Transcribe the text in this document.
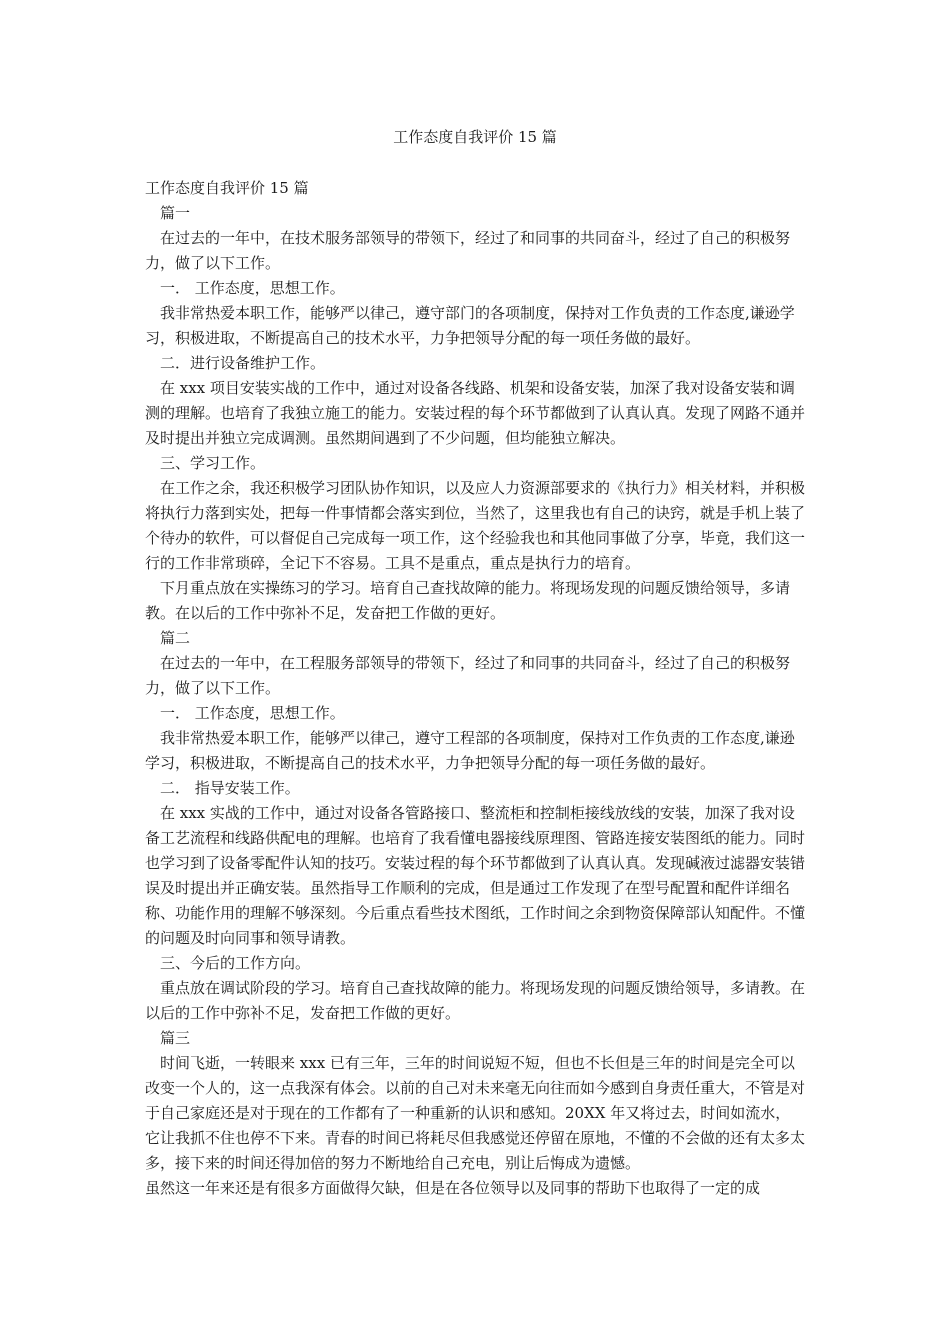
工作态度自我评价 15 篇

工作态度自我评价 15 篇

篇一

在过去的一年中，在技术服务部领导的带领下，经过了和同事的共同奋斗，经过了自己的积极努力，做了以下工作。

一． 工作态度，思想工作。

我非常热爱本职工作，能够严以律己，遵守部门的各项制度，保持对工作负责的工作态度,谦逊学习，积极进取，不断提高自己的技术水平，力争把领导分配的每一项任务做的最好。

二．进行设备维护工作。

在 xxx 项目安装实战的工作中，通过对设备各线路、机架和设备安装，加深了我对设备安装和调测的理解。也培育了我独立施工的能力。安装过程的每个环节都做到了认真认真。发现了网路不通并及时提出并独立完成调测。虽然期间遇到了不少问题，但均能独立解决。

三、学习工作。

在工作之余，我还积极学习团队协作知识，以及应人力资源部要求的《执行力》相关材料，并积极将执行力落到实处，把每一件事情都会落实到位，当然了，这里我也有自己的诀窍，就是手机上装了个待办的软件，可以督促自己完成每一项工作，这个经验我也和其他同事做了分享，毕竟，我们这一行的工作非常琐碎，全记下不容易。工具不是重点，重点是执行力的培育。

下月重点放在实操练习的学习。培育自己查找故障的能力。将现场发现的问题反馈给领导，多请教。在以后的工作中弥补不足，发奋把工作做的更好。

篇二

在过去的一年中，在工程服务部领导的带领下，经过了和同事的共同奋斗，经过了自己的积极努力，做了以下工作。

一． 工作态度，思想工作。

我非常热爱本职工作，能够严以律己，遵守工程部的各项制度，保持对工作负责的工作态度,谦逊学习，积极进取，不断提高自己的技术水平，力争把领导分配的每一项任务做的最好。

二． 指导安装工作。

在 xxx 实战的工作中，通过对设备各管路接口、整流柜和控制柜接线放线的安装，加深了我对设备工艺流程和线路供配电的理解。也培育了我看懂电器接线原理图、管路连接安装图纸的能力。同时也学习到了设备零配件认知的技巧。安装过程的每个环节都做到了认真认真。发现碱液过滤器安装错误及时提出并正确安装。虽然指导工作顺利的完成，但是通过工作发现了在型号配置和配件详细名称、功能作用的理解不够深刻。今后重点看些技术图纸，工作时间之余到物资保障部认知配件。不懂的问题及时向同事和领导请教。

三、今后的工作方向。

重点放在调试阶段的学习。培育自己查找故障的能力。将现场发现的问题反馈给领导，多请教。在以后的工作中弥补不足，发奋把工作做的更好。

篇三

时间飞逝，一转眼来 xxx 已有三年，三年的时间说短不短，但也不长但是三年的时间是完全可以改变一个人的，这一点我深有体会。以前的自己对未来毫无向往而如今感到自身责任重大，不管是对于自己家庭还是对于现在的工作都有了一种重新的认识和感知。20XX 年又将过去，时间如流水，它让我抓不住也停不下来。青春的时间已将耗尽但我感觉还停留在原地，不懂的不会做的还有太多太多，接下来的时间还得加倍的努力不断地给自己充电，别让后悔成为遗憾。

虽然这一年来还是有很多方面做得欠缺，但是在各位领导以及同事的帮助下也取得了一定的成
